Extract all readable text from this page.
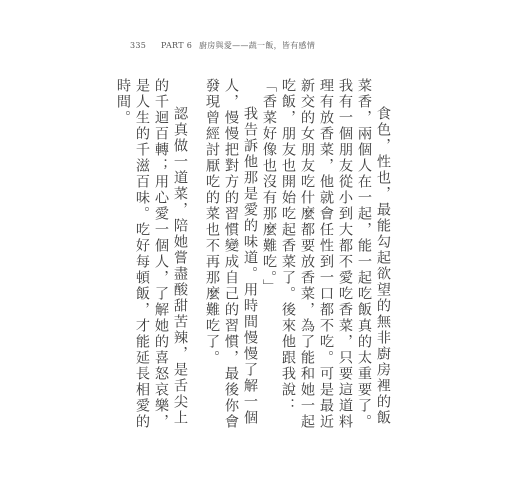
335 PART 6 廚房與愛——蔬一飯，皆有感情

食色，性也，最能勾起欲望的無非廚房裡的飯菜香，兩個人在一起，能一起吃飯真的太重要了。我有一個朋友從小到大都不愛吃香菜，只要這道料理有放香菜，他就會任性到一口都不吃。可是最近新交的女朋友吃什麼都要放香菜，為了能和她一起吃飯，朋友也開始吃起香菜了。後來他跟我說：「香菜好像也沒有那麼難吃。」

我告訴他那是愛的味道。用時間慢慢了解一個人，慢慢把對方的習慣變成自己的習慣，最後你會發現曾經討厭吃的菜也不再那麼難吃了。

認真做一道菜，陪她嘗盡酸甜苦辣，是舌尖上的千迴百轉；用心愛一個人，了解她的喜怒哀樂，是人生的千滋百味。吃好每頓飯，才能延長相愛的時間。
